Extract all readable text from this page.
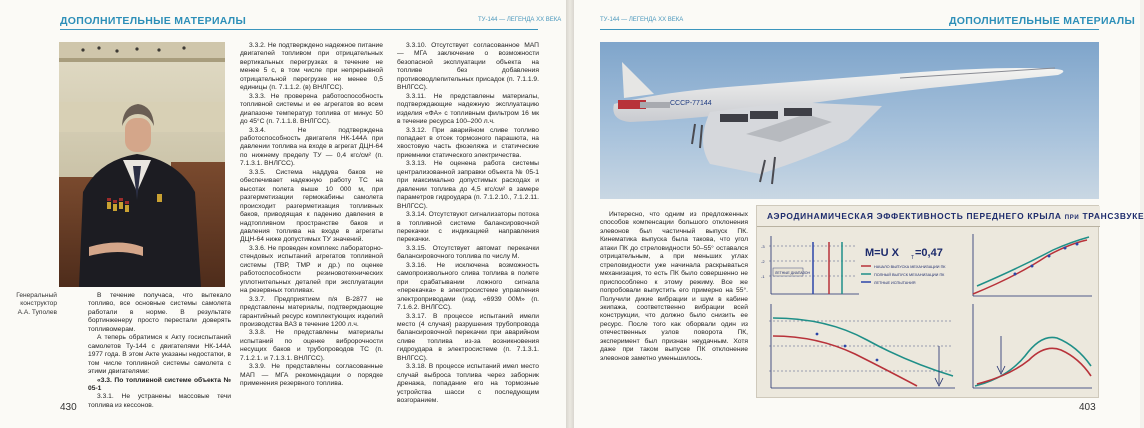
ДОПОЛНИТЕЛЬНЫЕ МАТЕРИАЛЫ	ТУ-144 — ЛЕГЕНДА XX ВЕКА
Генеральный конструктор
А.А. Туполев

В течение получаса, что вытекало топливо, все основные системы самолета работали в норме. В результате бортинженеру просто перестали доверять топливомерам.

А теперь обратимся к Акту госиспытаний самолетов Ту-144 с двигателями НК-144А 1977 года. В этом Акте указаны недостатки, в том числе топливной системы самолета с этими двигателями:

«3.3. По топливной системе объекта № 05-1

3.3.1. Не устранены массовые течи топлива из кессонов.

3.3.2. Не подтверждено надежное питание двигателей топливом при отрицательных вертикальных перегрузках в течение не менее 5 с, в том числе при непрерывной отрицательной перегрузке не менее 0,5 единицы (п. 7.1.1.2. (в) ВНЛГСС).

3.3.3. Не проверена работоспособность топливной системы и ее агрегатов во всем диапазоне температур топлива от минус 50 до 45°С (п. 7.1.1.8. ВНЛГСС).

3.3.4. Не подтверждена работоспособность двигателя НК-144А при давлении топлива на входе в агрегат ДЦН-64 по нижнему пределу ТУ — 0,4 кгс/см² (п. 7.1.3.1. ВНЛГСС).

3.3.5. Система наддува баков не обеспечивает надежную работу ТС на высотах полета выше 10 000 м, при разгерметизации гермокабины самолета происходит разгерметизация топливных баков, приводящая к падению давления в надтопливном пространстве баков и давления топлива на входе в агрегаты ДЦН-64 ниже допустимых ТУ значений.

3.3.6. Не проведен комплекс лабораторно-стендовых испытаний агрегатов топливной системы (ТВР, ТМР и др.) по оценке работоспособности резиновотехнических уплотнительных деталей при эксплуатации на резервных топливах.

3.3.7. Предприятием п/я В-2877 не представлены материалы, подтверждающие гарантийный ресурс комплектующих изделий производства ВАЗ в течение 1200 л.ч.

3.3.8. Не представлены материалы испытаний по оценке вибророчности несущих баков и трубопроводов ТС (п. 7.1.2.1. и 7.1.3.1. ВНЛГСС).

3.3.9. Не представлены согласованные МАП — МГА рекомендации о порядке применения резервного топлива.

3.3.10. Отсутствует согласованное МАП — МГА заключение о возможности безопасной эксплуатации объекта на топливе без добавления противоводлепительных присадок (п. 7.1.1.9. ВНЛГСС).

3.3.11. Не представлены материалы, подтверждающие надежную эксплуатацию изделия «ФА» с топливным фильтром 16 мк в течение ресурса 100–200 л.ч.

3.3.12. При аварийном сливе топливо попадает в отсек тормозного парашюта, на хвостовую часть фюзеляжа и статические приемники статического электричества.

3.3.13. Не оценена работа системы централизованной заправки объекта № 05-1 при максимально допустимых расходах и давлении топлива до 4,5 кгс/см² в замере параметров гидроудара (п. 7.1.2.10., 7.1.2.11. ВНЛГСС).

3.3.14. Отсутствуют сигнализаторы потока в топливной системе балансировочной перекачки с индикацией направления перекачки.

3.3.15. Отсутствует автомат перекачки балансировочного топлива по числу М.

3.3.16. Не исключена возможность самопроизвольного слива топлива в полете при срабатывании ложного сигнала «перекачка» в электросистеме управления электроприводами (изд. «6939 00М» (п. 7.1.6.2. ВНЛГСС).

3.3.17. В процессе испытаний имели место (4 случая) разрушения трубопровода балансировочной перекачки при аварийном сливе топлива из-за возникновения гидроудара в электросистеме (п. 7.1.3.1. ВНЛГСС).

3.3.18. В процессе испытаний имел место случай выброса топлива через заборник дренажа, попадание его на тормозные устройства шасси с последующим возгоранием.

430
ТУ-144 — ЛЕГЕНДА XX ВЕКА	ДОПОЛНИТЕЛЬНЫЕ МАТЕРИАЛЫ
СССР-77144

Интересно, что одним из предложенных способов компенсации большого отклонения элевонов был частичный выпуск ПК. Кинематика выпуска была такова, что угол атаки ПК до стреловидности 50–55° оставался отрицательным, а при меньших углах стреловидности уже начинала раскрываться механизация, то есть ПК было совершенно не приспособлено к этому режиму. Все же попробовали выпустить его примерно на 55°. Получили дикие вибрации и шум в кабине экипажа, соответственно вибрации всей конструкции, что должно было снизить ее ресурс. После того как оборвали один из отечественных узлов поворота ПК, эксперимент был признан неудачным. Хотя даже при таком выпуске ПК отклонение элевонов заметно уменьшилось.

АЭРОДИНАМИЧЕСКАЯ ЭФФЕКТИВНОСТЬ ПЕРЕДНЕГО КРЫЛА ПРИ ТРАНСЗВУКЕ
ЛЕТНЫЕ ДИАПАЗОН
-3
-2
-1
M=U X T =0,47
НАЧАЛО ВЫПУСКА МЕХАНИЗАЦИИ ПК
ПОЛНЫЙ ВЫПУСК МЕХАНИЗАЦИИ ПК
ЛЕТНЫЕ ИСПЫТАНИЯ
403
